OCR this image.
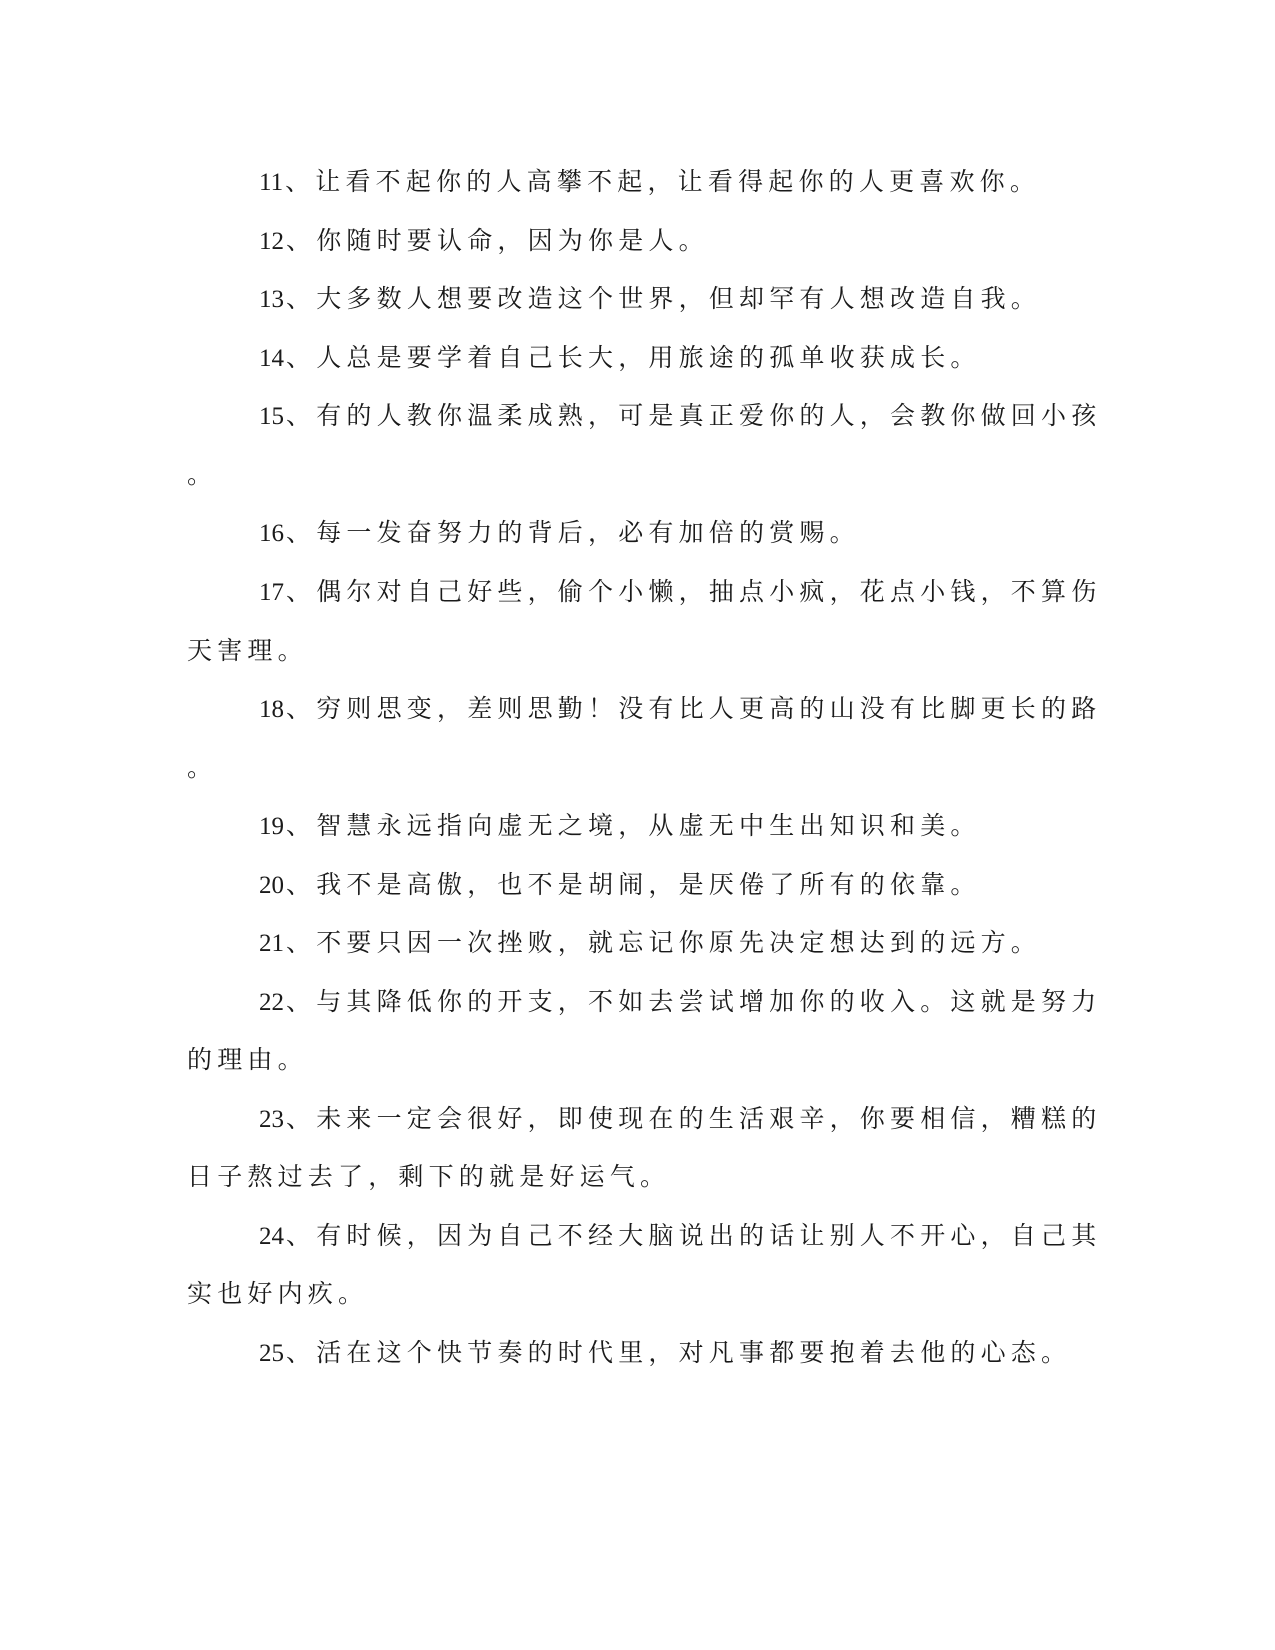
11、让看不起你的人高攀不起，让看得起你的人更喜欢你。
12、你随时要认命，因为你是人。
13、大多数人想要改造这个世界，但却罕有人想改造自我。
14、人总是要学着自己长大，用旅途的孤单收获成长。
15、有的人教你温柔成熟，可是真正爱你的人，会教你做回小孩
。
16、每一发奋努力的背后，必有加倍的赏赐。
17、偶尔对自己好些，偷个小懒，抽点小疯，花点小钱，不算伤
天害理。
18、穷则思变，差则思勤！没有比人更高的山没有比脚更长的路
。
19、智慧永远指向虚无之境，从虚无中生出知识和美。
20、我不是高傲，也不是胡闹，是厌倦了所有的依靠。
21、不要只因一次挫败，就忘记你原先决定想达到的远方。
22、与其降低你的开支，不如去尝试增加你的收入。这就是努力
的理由。
23、未来一定会很好，即使现在的生活艰辛，你要相信，糟糕的
日子熬过去了，剩下的就是好运气。
24、有时候，因为自己不经大脑说出的话让别人不开心，自己其
实也好内疚。
25、活在这个快节奏的时代里，对凡事都要抱着去他的心态。
